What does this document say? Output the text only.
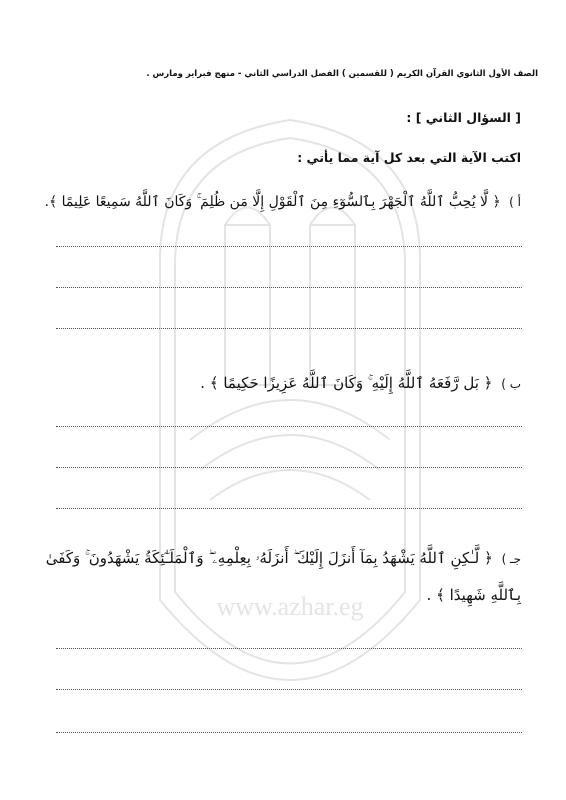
www.azhar.eg
الصف الأول الثانوي القرآن الكريم ( للقسمين ) الفصل الدراسي الثاني - منهج فبراير ومارس .
[ السؤال الثاني ] :
اكتب الآية التي بعد كل آية مما يأتي :
أ ) ﴿ لَّا يُحِبُّ ٱللَّهُ ٱلْجَهْرَ بِٱلسُّوٓءِ مِنَ ٱلْقَوْلِ إِلَّا مَن ظُلِمَ ۚ وَكَانَ ٱللَّهُ سَمِيعًا عَلِيمًا ﴾.
ب ) ﴿ بَل رَّفَعَهُ ٱللَّهُ إِلَيْهِ ۚ وَكَانَ ٱللَّهُ عَزِيزًا حَكِيمًا ﴾ .
جـ ) ﴿ لَّـٰكِنِ ٱللَّهُ يَشْهَدُ بِمَآ أَنزَلَ إِلَيْكَ ۖ أَنزَلَهُۥ بِعِلْمِهِۦ ۖ وَٱلْمَلَـٰٓئِكَةُ يَشْهَدُونَ ۚ وَكَفَىٰ بِٱللَّهِ شَهِيدًا ﴾ .
